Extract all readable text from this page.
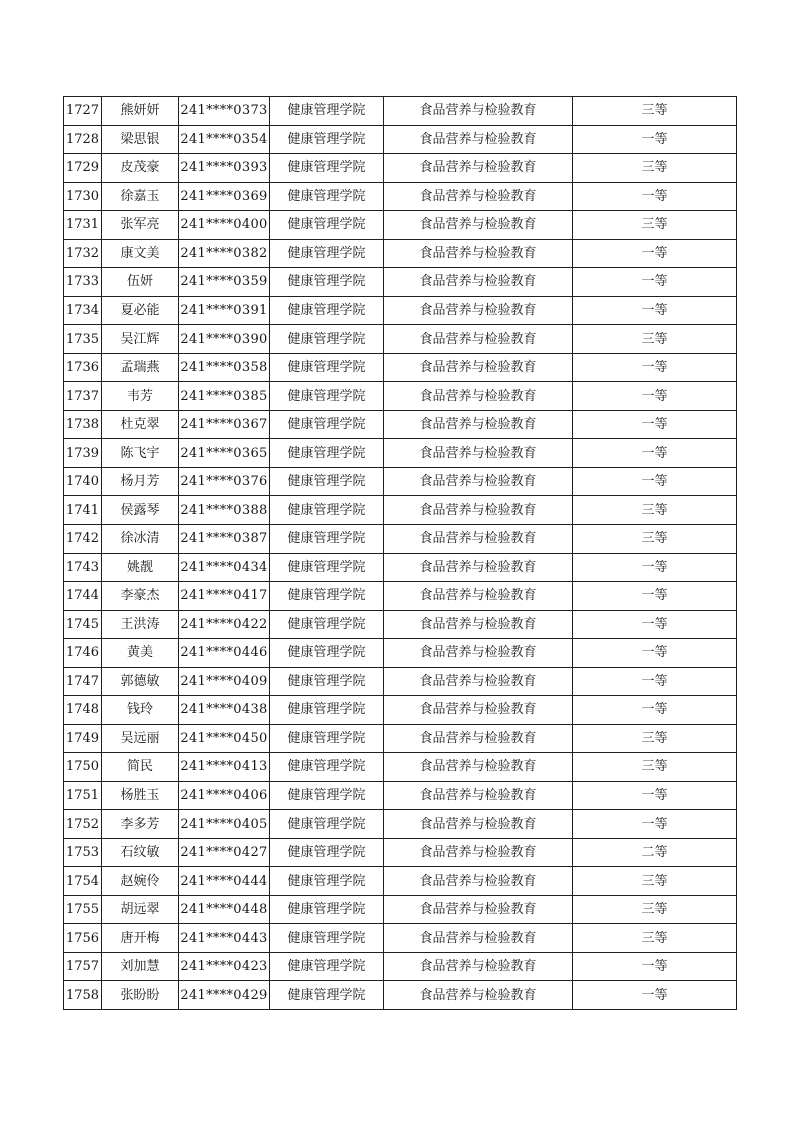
1727	熊妍妍	241****0373	健康管理学院	食品营养与检验教育	三等
1728	梁思银	241****0354	健康管理学院	食品营养与检验教育	一等
1729	皮茂豪	241****0393	健康管理学院	食品营养与检验教育	三等
1730	徐嘉玉	241****0369	健康管理学院	食品营养与检验教育	一等
1731	张军亮	241****0400	健康管理学院	食品营养与检验教育	三等
1732	康文美	241****0382	健康管理学院	食品营养与检验教育	一等
1733	伍妍	241****0359	健康管理学院	食品营养与检验教育	一等
1734	夏必能	241****0391	健康管理学院	食品营养与检验教育	一等
1735	吴江辉	241****0390	健康管理学院	食品营养与检验教育	三等
1736	孟瑞燕	241****0358	健康管理学院	食品营养与检验教育	一等
1737	韦芳	241****0385	健康管理学院	食品营养与检验教育	一等
1738	杜克翠	241****0367	健康管理学院	食品营养与检验教育	一等
1739	陈飞宇	241****0365	健康管理学院	食品营养与检验教育	一等
1740	杨月芳	241****0376	健康管理学院	食品营养与检验教育	一等
1741	侯露琴	241****0388	健康管理学院	食品营养与检验教育	三等
1742	徐冰清	241****0387	健康管理学院	食品营养与检验教育	三等
1743	姚靓	241****0434	健康管理学院	食品营养与检验教育	一等
1744	李豪杰	241****0417	健康管理学院	食品营养与检验教育	一等
1745	王洪涛	241****0422	健康管理学院	食品营养与检验教育	一等
1746	黄美	241****0446	健康管理学院	食品营养与检验教育	一等
1747	郭德敏	241****0409	健康管理学院	食品营养与检验教育	一等
1748	钱玲	241****0438	健康管理学院	食品营养与检验教育	一等
1749	吴远丽	241****0450	健康管理学院	食品营养与检验教育	三等
1750	简民	241****0413	健康管理学院	食品营养与检验教育	三等
1751	杨胜玉	241****0406	健康管理学院	食品营养与检验教育	一等
1752	李多芳	241****0405	健康管理学院	食品营养与检验教育	一等
1753	石纹敏	241****0427	健康管理学院	食品营养与检验教育	二等
1754	赵婉伶	241****0444	健康管理学院	食品营养与检验教育	三等
1755	胡远翠	241****0448	健康管理学院	食品营养与检验教育	三等
1756	唐开梅	241****0443	健康管理学院	食品营养与检验教育	三等
1757	刘加慧	241****0423	健康管理学院	食品营养与检验教育	一等
1758	张盼盼	241****0429	健康管理学院	食品营养与检验教育	一等
